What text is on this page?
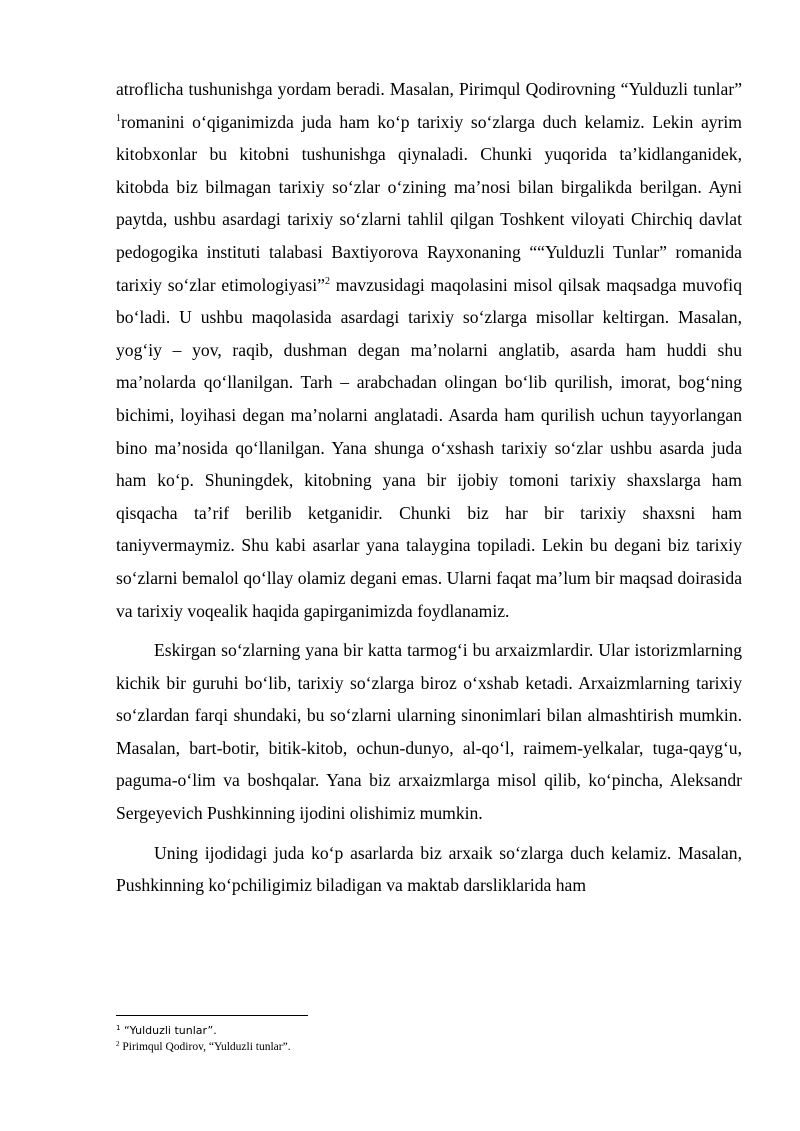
atroflicha tushunishga yordam beradi. Masalan, Pirimqul Qodirovning “Yulduzli tunlar” $^1$romanini o‘qiganimizda juda ham ko‘p tarixiy so‘zlarga duch kelamiz. Lekin ayrim kitobxonlar bu kitobni tushunishga qiynaladi. Chunki yuqorida ta’kidlanganidek, kitobda biz bilmagan tarixiy so‘zlar o‘zining ma’nosi bilan birgalikda berilgan. Ayni paytda, ushbu asardagi tarixiy so‘zlarni tahlil qilgan Toshkent viloyati Chirchiq davlat pedogogika instituti talabasi Baxtiyorova Rayxonaning ““Yulduzli Tunlar” romanida tarixiy so‘zlar etimologiyasi”$^2$ mavzusidagi maqolasini misol qilsak maqsadga muvofiq bo‘ladi. U ushbu maqolasida asardagi tarixiy so‘zlarga misollar keltirgan. Masalan, yog‘iy – yov, raqib, dushman degan ma’nolarni anglatib, asarda ham huddi shu ma’nolarda qo‘llanilgan. Tarh – arabchadan olingan bo‘lib qurilish, imorat, bog‘ning bichimi, loyihasi degan ma’nolarni anglatadi. Asarda ham qurilish uchun tayyorlangan bino ma’nosida qo‘llanilgan. Yana shunga o‘xshash tarixiy so‘zlar ushbu asarda juda ham ko‘p. Shuningdek, kitobning yana bir ijobiy tomoni tarixiy shaxslarga ham qisqacha ta’rif berilib ketganidir. Chunki biz har bir tarixiy shaxsni ham taniyvermaymiz. Shu kabi asarlar yana talaygina topiladi. Lekin bu degani biz tarixiy so‘zlarni bemalol qo‘llay olamiz degani emas. Ularni faqat ma’lum bir maqsad doirasida va tarixiy voqealik haqida gapirganimizda foydlanamiz.

Eskirgan so‘zlarning yana bir katta tarmog‘i bu arxaizmlardir. Ular istorizmlarning kichik bir guruhi bo‘lib, tarixiy so‘zlarga biroz o‘xshab ketadi. Arxaizmlarning tarixiy so‘zlardan farqi shundaki, bu so‘zlarni ularning sinonimlari bilan almashtirish mumkin. Masalan, bart-botir, bitik-kitob, ochun-dunyo, al-qo‘l, raimem-yelkalar, tuga-qayg‘u, paguma-o‘lim va boshqalar. Yana biz arxaizmlarga misol qilib, ko‘pincha, Aleksandr Sergeyevich Pushkinning ijodini olishimiz mumkin.

Uning ijodidagi juda ko‘p asarlarda biz arxaik so‘zlarga duch kelamiz. Masalan, Pushkinning ko‘pchiligimiz biladigan va maktab darsliklarida ham

$^1$ “Yulduzli tunlar”.
$^2$ Pirimqul Qodirov, “Yulduzli tunlar”.
